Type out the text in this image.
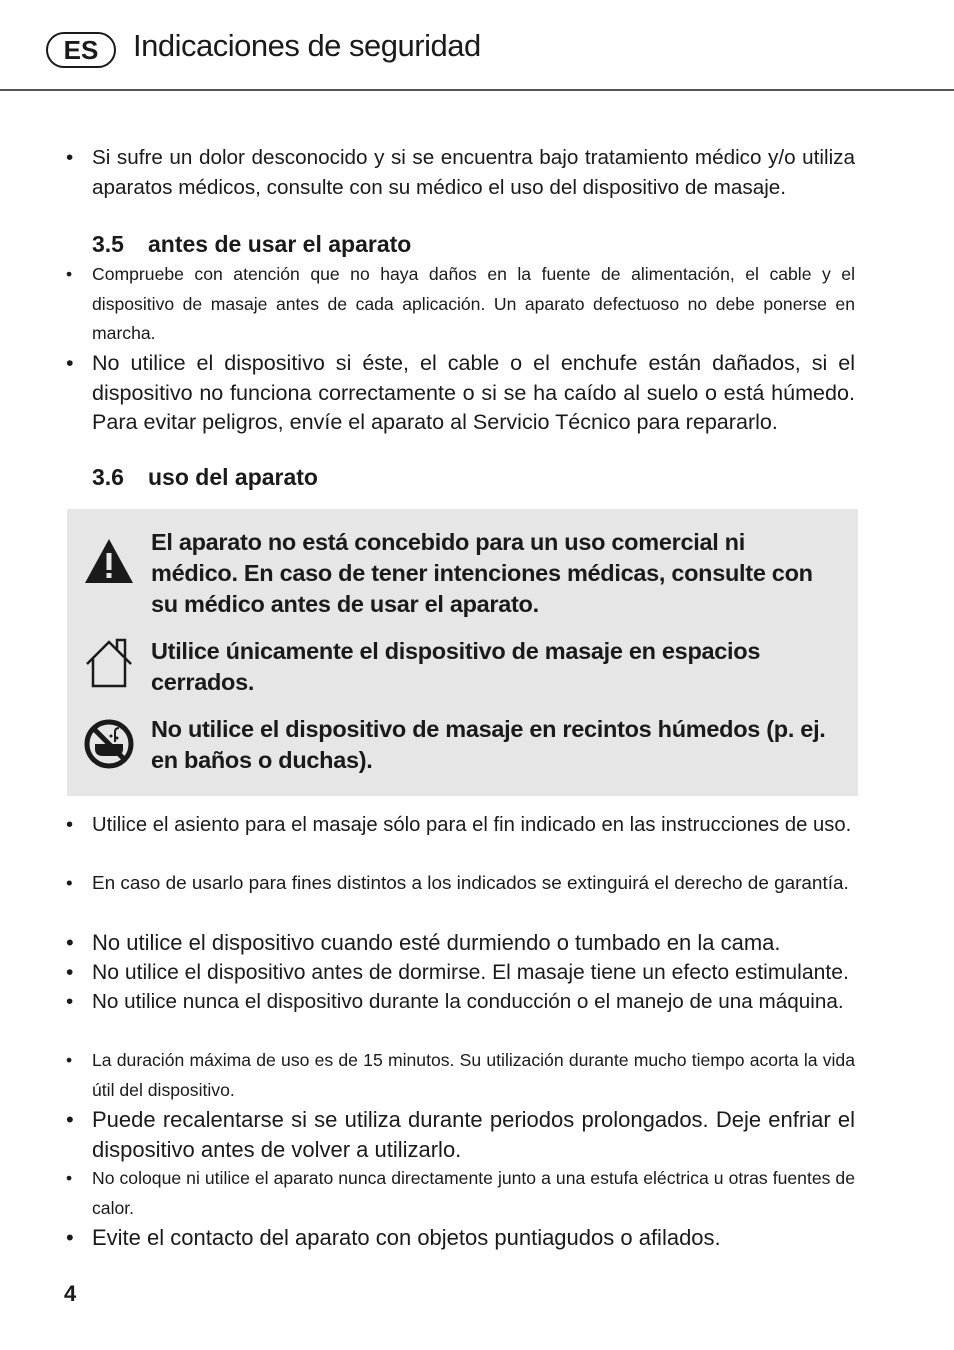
ES	Indicaciones de seguridad
• Si sufre un dolor desconocido y si se encuentra bajo tratamiento médico y/o utiliza aparatos médicos, consulte con su médico el uso del dispositivo de masaje.
3.5 antes de usar el aparato
• Compruebe con atención que no haya daños en la fuente de alimentación, el cable y el dispositivo de masaje antes de cada aplicación. Un aparato defectuoso no debe ponerse en marcha.
• No utilice el dispositivo si éste, el cable o el enchufe están dañados, si el dispositivo no funciona correctamente o si se ha caído al suelo o está húmedo. Para evitar peligros, envíe el aparato al Servicio Técnico para repararlo.
3.6 uso del aparato
El aparato no está concebido para un uso comercial ni médico. En caso de tener intenciones médicas, consulte con su médico antes de usar el aparato.
Utilice únicamente el dispositivo de masaje en espacios cerrados.
No utilice el dispositivo de masaje en recintos húmedos (p. ej. en baños o duchas).
• Utilice el asiento para el masaje sólo para el fin indicado en las instrucciones de uso.
• En caso de usarlo para fines distintos a los indicados se extinguirá el derecho de garantía.
• No utilice el dispositivo cuando esté durmiendo o tumbado en la cama.
• No utilice el dispositivo antes de dormirse. El masaje tiene un efecto estimulante.
• No utilice nunca el dispositivo durante la conducción o el manejo de una máquina.
• La duración máxima de uso es de 15 minutos. Su utilización durante mucho tiempo acorta la vida útil del dispositivo.
• Puede recalentarse si se utiliza durante periodos prolongados. Deje enfriar el dispositivo antes de volver a utilizarlo.
• No coloque ni utilice el aparato nunca directamente junto a una estufa eléctrica u otras fuentes de calor.
• Evite el contacto del aparato con objetos puntiagudos o afilados.
4
